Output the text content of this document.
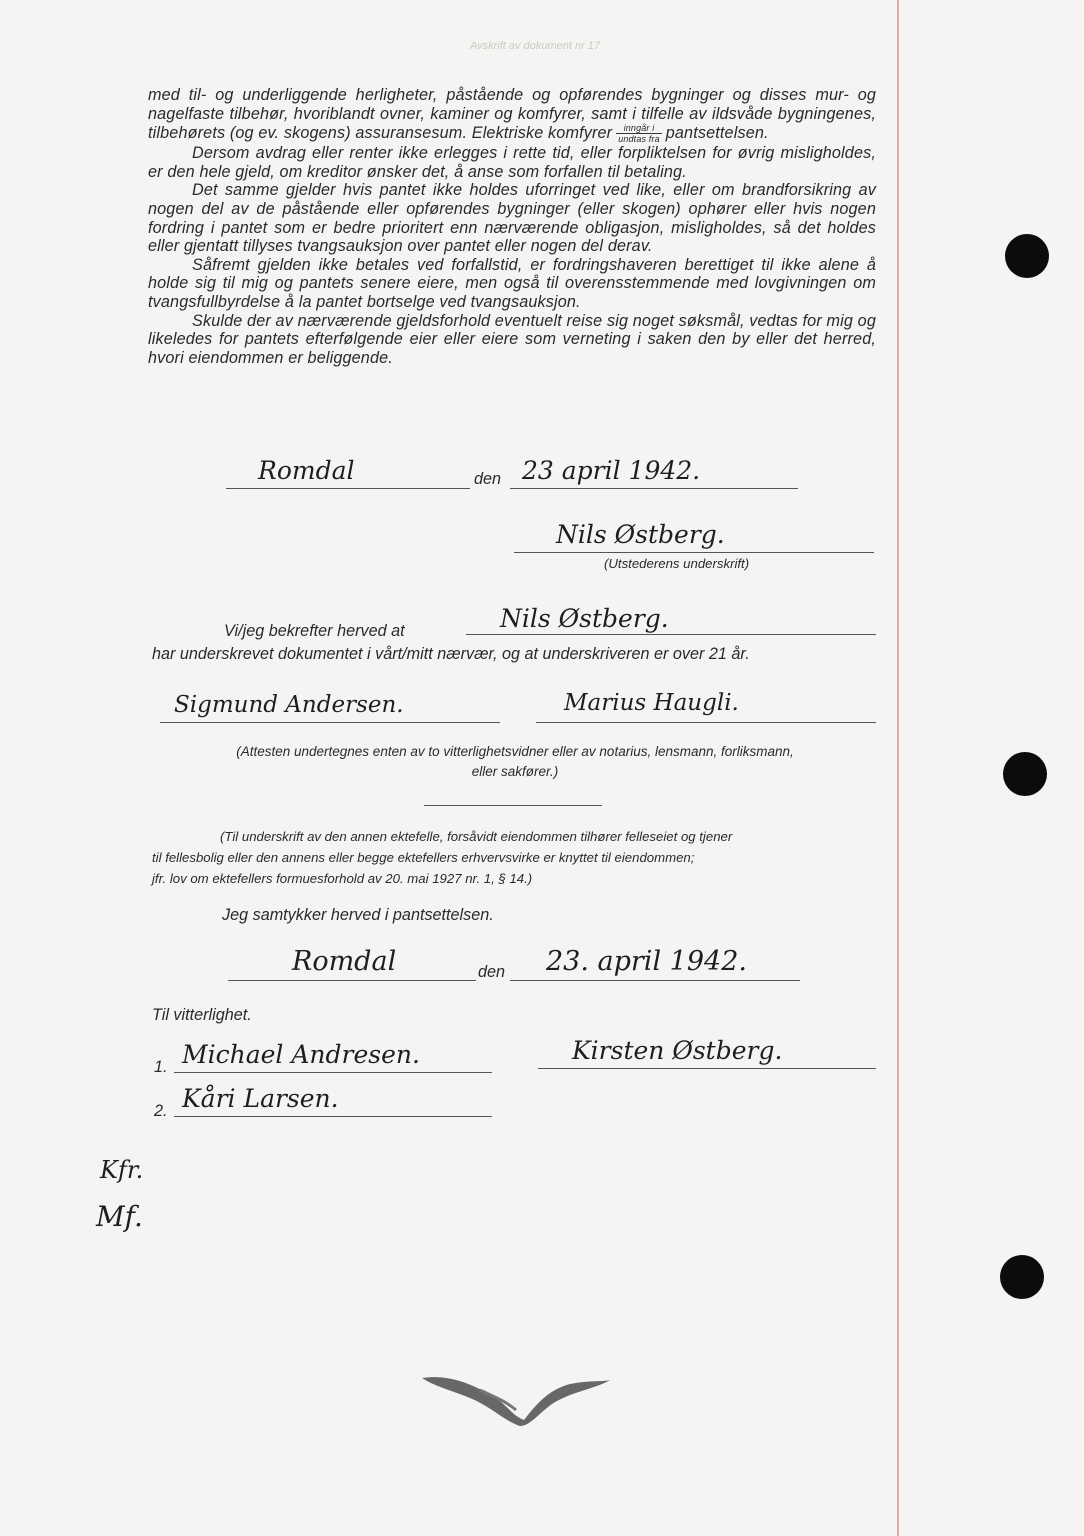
Avskrift av dokument nr 17

med til- og underliggende herligheter, påstående og opførendes bygninger og disses mur- og nagelfaste tilbehør, hvoriblandt ovner, kaminer og komfyrer, samt i tilfelle av ildsvåde bygningenes, tilbehørets (og ev. skogens) assuransesum. Elektriske komfyrer $\frac{\text{inngår i}}{\text{undtas fra}}$ pantsettelsen.

Dersom avdrag eller renter ikke erlegges i rette tid, eller forpliktelsen for øvrig misligholdes, er den hele gjeld, om kreditor ønsker det, å anse som forfallen til betaling.

Det samme gjelder hvis pantet ikke holdes uforringet ved like, eller om brandforsikring av nogen del av de påstående eller opførendes bygninger (eller skogen) ophører eller hvis nogen fordring i pantet som er bedre prioritert enn nærværende obligasjon, misligholdes, så det holdes eller gjentatt tillyses tvangsauksjon over pantet eller nogen del derav.

Såfremt gjelden ikke betales ved forfallstid, er fordringshaveren berettiget til ikke alene å holde sig til mig og pantets senere eiere, men også til overensstemmende med lovgivningen om tvangsfullbyrdelse å la pantet bortselge ved tvangsauksjon.

Skulde der av nærværende gjeldsforhold eventuelt reise sig noget søksmål, vedtas for mig og likeledes for pantets efterfølgende eier eller eiere som verneting i saken den by eller det herred, hvori eiendommen er beliggende.

Romdal	den 23 april 1942.
Nils Østberg.
(Utstederens underskrift)
Vi/jeg bekrefter herved at	Nils Østberg.
har underskrevet dokumentet i vårt/mitt nærvær, og at underskriveren er over 21 år.
Sigmund Andersen.	Marius Haugli.
(Attesten undertegnes enten av to vitterlighetsvidner eller av notarius, lensmann, forliksmann,
eller sakfører.)

(Til underskrift av den annen ektefelle, forsåvidt eiendommen tilhører felleseiet og tjener

til fellesbolig eller den annens eller begge ektefellers erhvervsvirke er knyttet til eiendommen;

jfr. lov om ektefellers formuesforhold av 20. mai 1927 nr. 1, § 14.)

Jeg samtykker herved i pantsettelsen.
Romdal	den 23. april 1942.
Til vitterlighet.
1. Michael Andresen.	Kirsten Østberg.
2. Kåri Larsen.
Kfr.
Mf.
